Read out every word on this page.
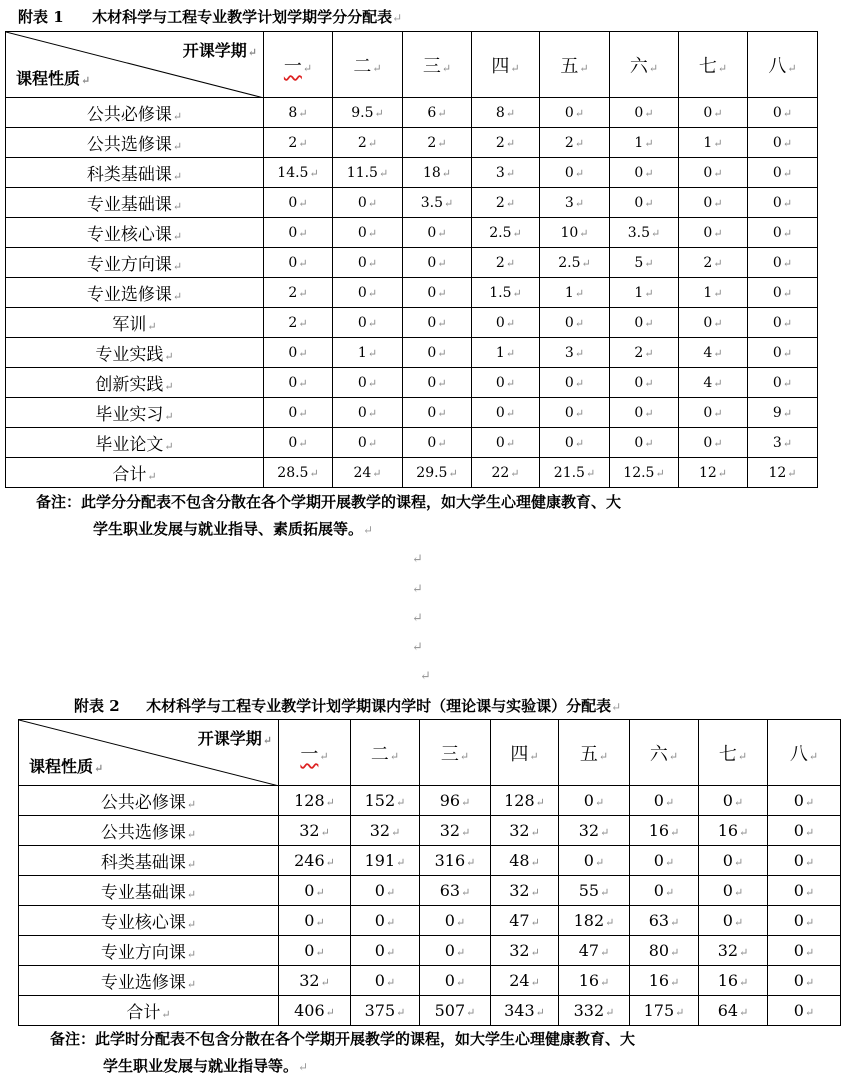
附表 1 木材科学与工程专业教学计划学期学分分配表↵
开课学期↵
课程性质↵	一↵	二↵	三↵	四↵	五↵	六↵	七↵	八↵
公共必修课↵	8↵	9.5↵	6↵	8↵	0↵	0↵	0↵	0↵
公共选修课↵	2↵	2↵	2↵	2↵	2↵	1↵	1↵	0↵
科类基础课↵	14.5↵	11.5↵	18↵	3↵	0↵	0↵	0↵	0↵
专业基础课↵	0↵	0↵	3.5↵	2↵	3↵	0↵	0↵	0↵
专业核心课↵	0↵	0↵	0↵	2.5↵	10↵	3.5↵	0↵	0↵
专业方向课↵	0↵	0↵	0↵	2↵	2.5↵	5↵	2↵	0↵
专业选修课↵	2↵	0↵	0↵	1.5↵	1↵	1↵	1↵	0↵
军训↵	2↵	0↵	0↵	0↵	0↵	0↵	0↵	0↵
专业实践↵	0↵	1↵	0↵	1↵	3↵	2↵	4↵	0↵
创新实践↵	0↵	0↵	0↵	0↵	0↵	0↵	4↵	0↵
毕业实习↵	0↵	0↵	0↵	0↵	0↵	0↵	0↵	9↵
毕业论文↵	0↵	0↵	0↵	0↵	0↵	0↵	0↵	3↵
合计↵	28.5↵	24↵	29.5↵	22↵	21.5↵	12.5↵	12↵	12↵
备注：此学分分配表不包含分散在各个学期开展教学的课程，如大学生心理健康教育、大
学生职业发展与就业指导、素质拓展等。↵
↵
↵
↵
↵
↵
附表 2 木材科学与工程专业教学计划学期课内学时（理论课与实验课）分配表↵
开课学期↵
课程性质↵	一↵	二↵	三↵	四↵	五↵	六↵	七↵	八↵
公共必修课↵	128↵	152↵	96↵	128↵	0↵	0↵	0↵	0↵
公共选修课↵	32↵	32↵	32↵	32↵	32↵	16↵	16↵	0↵
科类基础课↵	246↵	191↵	316↵	48↵	0↵	0↵	0↵	0↵
专业基础课↵	0↵	0↵	63↵	32↵	55↵	0↵	0↵	0↵
专业核心课↵	0↵	0↵	0↵	47↵	182↵	63↵	0↵	0↵
专业方向课↵	0↵	0↵	0↵	32↵	47↵	80↵	32↵	0↵
专业选修课↵	32↵	0↵	0↵	24↵	16↵	16↵	16↵	0↵
合计↵	406↵	375↵	507↵	343↵	332↵	175↵	64↵	0↵
备注：此学时分配表不包含分散在各个学期开展教学的课程，如大学生心理健康教育、大
学生职业发展与就业指导等。↵
